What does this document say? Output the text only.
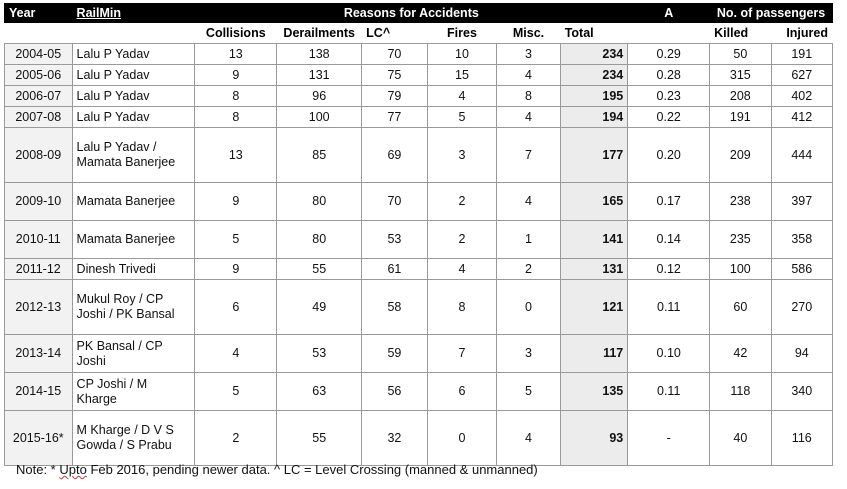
Year	RailMin	Reasons for Accidents						A	No. of passengers	
		Collisions	Derailments	LC^	Fires	Misc.	Total		Killed	Injured
2004-05	Lalu P Yadav	13	138	70	10	3	234	0.29	50	191
2005-06	Lalu P Yadav	9	131	75	15	4	234	0.28	315	627
2006-07	Lalu P Yadav	8	96	79	4	8	195	0.23	208	402
2007-08	Lalu P Yadav	8	100	77	5	4	194	0.22	191	412
2008-09	Lalu P Yadav / Mamata Banerjee	13	85	69	3	7	177	0.20	209	444
2009-10	Mamata Banerjee	9	80	70	2	4	165	0.17	238	397
2010-11	Mamata Banerjee	5	80	53	2	1	141	0.14	235	358
2011-12	Dinesh Trivedi	9	55	61	4	2	131	0.12	100	586
2012-13	Mukul Roy / CP Joshi / PK Bansal	6	49	58	8	0	121	0.11	60	270
2013-14	PK Bansal / CP Joshi	4	53	59	7	3	117	0.10	42	94
2014-15	CP Joshi / M Kharge	5	63	56	6	5	135	0.11	118	340
2015-16*	M Kharge / D V S Gowda / S Prabu	2	55	32	0	4	93	-	40	116
Note: * Upto Feb 2016, pending newer data. ^ LC = Level Crossing (manned & unmanned)
